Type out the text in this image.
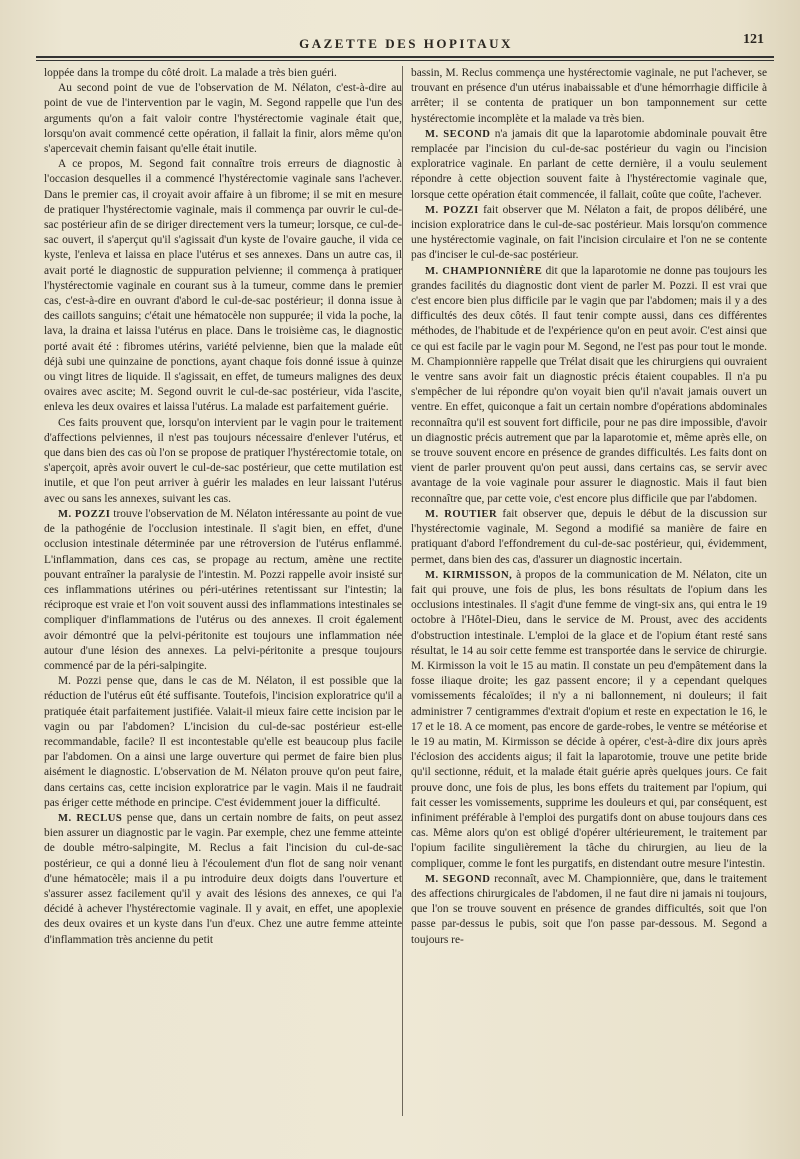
GAZETTE DES HOPITAUX	121

loppée dans la trompe du côté droit. La malade a très bien guéri.

Au second point de vue de l'observation de M. Nélaton, c'est-à-dire au point de vue de l'intervention par le vagin, M. Segond rappelle que l'un des arguments qu'on a fait valoir contre l'hystérectomie vaginale était que, lorsqu'on avait commencé cette opération, il fallait la finir, alors même qu'on s'apercevait chemin faisant qu'elle était inutile.

A ce propos, M. Segond fait connaître trois erreurs de diagnostic à l'occasion desquelles il a commencé l'hystérectomie vaginale sans l'achever. Dans le premier cas, il croyait avoir affaire à un fibrome; il se mit en mesure de pratiquer l'hystérectomie vaginale, mais il commença par ouvrir le cul-de-sac postérieur afin de se diriger directement vers la tumeur; lorsque, ce cul-de-sac ouvert, il s'aperçut qu'il s'agissait d'un kyste de l'ovaire gauche, il vida ce kyste, l'enleva et laissa en place l'utérus et ses annexes. Dans un autre cas, il avait porté le diagnostic de suppuration pelvienne; il commença à pratiquer l'hystérectomie vaginale en courant sus à la tumeur, comme dans le premier cas, c'est-à-dire en ouvrant d'abord le cul-de-sac postérieur; il donna issue à des caillots sanguins; c'était une hématocèle non suppurée; il vida la poche, la lava, la draina et laissa l'utérus en place. Dans le troisième cas, le diagnostic porté avait été : fibromes utérins, variété pelvienne, bien que la malade eût déjà subi une quinzaine de ponctions, ayant chaque fois donné issue à quinze ou vingt litres de liquide. Il s'agissait, en effet, de tumeurs malignes des deux ovaires avec ascite; M. Segond ouvrit le cul-de-sac postérieur, vida l'ascite, enleva les deux ovaires et laissa l'utérus. La malade est parfaitement guérie.

Ces faits prouvent que, lorsqu'on intervient par le vagin pour le traitement d'affections pelviennes, il n'est pas toujours nécessaire d'enlever l'utérus, et que dans bien des cas où l'on se propose de pratiquer l'hystérectomie totale, on s'aperçoit, après avoir ouvert le cul-de-sac postérieur, que cette mutilation est inutile, et que l'on peut arriver à guérir les malades en leur laissant l'utérus avec ou sans les annexes, suivant les cas.

M. POZZI trouve l'observation de M. Nélaton intéressante au point de vue de la pathogénie de l'occlusion intestinale. Il s'agit bien, en effet, d'une occlusion intestinale déterminée par une rétroversion de l'utérus enflammé. L'inflammation, dans ces cas, se propage au rectum, amène une rectite pouvant entraîner la paralysie de l'intestin. M. Pozzi rappelle avoir insisté sur ces inflammations utérines ou péri-utérines retentissant sur l'intestin; la réciproque est vraie et l'on voit souvent aussi des inflammations intestinales se compliquer d'inflammations de l'utérus ou des annexes. Il croit également avoir démontré que la pelvi-péritonite est toujours une inflammation née autour d'une lésion des annexes. La pelvi-péritonite a presque toujours commencé par de la péri-salpingite.

M. Pozzi pense que, dans le cas de M. Nélaton, il est possible que la réduction de l'utérus eût été suffisante. Toutefois, l'incision exploratrice qu'il a pratiquée était parfaitement justifiée. Valait-il mieux faire cette incision par le vagin ou par l'abdomen? L'incision du cul-de-sac postérieur est-elle recommandable, facile? Il est incontestable qu'elle est beaucoup plus facile par l'abdomen. On a ainsi une large ouverture qui permet de faire bien plus aisément le diagnostic. L'observation de M. Nélaton prouve qu'on peut faire, dans certains cas, cette incision exploratrice par le vagin. Mais il ne faudrait pas ériger cette méthode en principe. C'est évidemment jouer la difficulté.

M. RECLUS pense que, dans un certain nombre de faits, on peut assez bien assurer un diagnostic par le vagin. Par exemple, chez une femme atteinte de double métro-salpingite, M. Reclus a fait l'incision du cul-de-sac postérieur, ce qui a donné lieu à l'écoulement d'un flot de sang noir venant d'une hématocèle; mais il a pu introduire deux doigts dans l'ouverture et s'assurer assez facilement qu'il y avait des lésions des annexes, ce qui l'a décidé à achever l'hystérectomie vaginale. Il y avait, en effet, une apoplexie des deux ovaires et un kyste dans l'un d'eux. Chez une autre femme atteinte d'inflammation très ancienne du petit

bassin, M. Reclus commença une hystérectomie vaginale, ne put l'achever, se trouvant en présence d'un utérus inabaissable et d'une hémorrhagie difficile à arrêter; il se contenta de pratiquer un bon tamponnement sur cette hystérectomie incomplète et la malade va très bien.

M. SECOND n'a jamais dit que la laparotomie abdominale pouvait être remplacée par l'incision du cul-de-sac postérieur du vagin ou l'incision exploratrice vaginale. En parlant de cette dernière, il a voulu seulement répondre à cette objection souvent faite à l'hystérectomie vaginale que, lorsque cette opération était commencée, il fallait, coûte que coûte, l'achever.

M. POZZI fait observer que M. Nélaton a fait, de propos délibéré, une incision exploratrice dans le cul-de-sac postérieur. Mais lorsqu'on commence une hystérectomie vaginale, on fait l'incision circulaire et l'on ne se contente pas d'inciser le cul-de-sac postérieur.

M. CHAMPIONNIÈRE dit que la laparotomie ne donne pas toujours les grandes facilités du diagnostic dont vient de parler M. Pozzi. Il est vrai que c'est encore bien plus difficile par le vagin que par l'abdomen; mais il y a des difficultés des deux côtés. Il faut tenir compte aussi, dans ces différentes méthodes, de l'habitude et de l'expérience qu'on en peut avoir. C'est ainsi que ce qui est facile par le vagin pour M. Segond, ne l'est pas pour tout le monde. M. Championnière rappelle que Trélat disait que les chirurgiens qui ouvraient le ventre sans avoir fait un diagnostic précis étaient coupables. Il n'a pu s'empêcher de lui répondre qu'on voyait bien qu'il n'avait jamais ouvert un ventre. En effet, quiconque a fait un certain nombre d'opérations abdominales reconnaîtra qu'il est souvent fort difficile, pour ne pas dire impossible, d'avoir un diagnostic précis autrement que par la laparotomie et, même après elle, on se trouve souvent encore en présence de grandes difficultés. Les faits dont on vient de parler prouvent qu'on peut aussi, dans certains cas, se servir avec avantage de la voie vaginale pour assurer le diagnostic. Mais il faut bien reconnaître que, par cette voie, c'est encore plus difficile que par l'abdomen.

M. ROUTIER fait observer que, depuis le début de la discussion sur l'hystérectomie vaginale, M. Segond a modifié sa manière de faire en pratiquant d'abord l'effondrement du cul-de-sac postérieur, qui, évidemment, permet, dans bien des cas, d'assurer un diagnostic incertain.

M. KIRMISSON, à propos de la communication de M. Nélaton, cite un fait qui prouve, une fois de plus, les bons résultats de l'opium dans les occlusions intestinales. Il s'agit d'une femme de vingt-six ans, qui entra le 19 octobre à l'Hôtel-Dieu, dans le service de M. Proust, avec des accidents d'obstruction intestinale. L'emploi de la glace et de l'opium étant resté sans résultat, le 14 au soir cette femme est transportée dans le service de chirurgie. M. Kirmisson la voit le 15 au matin. Il constate un peu d'empâtement dans la fosse iliaque droite; les gaz passent encore; il y a cependant quelques vomissements fécaloïdes; il n'y a ni ballonnement, ni douleurs; il fait administrer 7 centigrammes d'extrait d'opium et reste en expectation le 16, le 17 et le 18. A ce moment, pas encore de garde-robes, le ventre se météorise et le 19 au matin, M. Kirmisson se décide à opérer, c'est-à-dire dix jours après l'éclosion des accidents aigus; il fait la laparotomie, trouve une petite bride qu'il sectionne, réduit, et la malade était guérie après quelques jours. Ce fait prouve donc, une fois de plus, les bons effets du traitement par l'opium, qui fait cesser les vomissements, supprime les douleurs et qui, par conséquent, est infiniment préférable à l'emploi des purgatifs dont on abuse toujours dans ces cas. Même alors qu'on est obligé d'opérer ultérieurement, le traitement par l'opium facilite singulièrement la tâche du chirurgien, au lieu de la compliquer, comme le font les purgatifs, en distendant outre mesure l'intestin.

M. SEGOND reconnaît, avec M. Championnière, que, dans le traitement des affections chirurgicales de l'abdomen, il ne faut dire ni jamais ni toujours, que l'on se trouve souvent en présence de grandes difficultés, soit que l'on passe par-dessus le pubis, soit que l'on passe par-dessous. M. Segond a toujours re-
